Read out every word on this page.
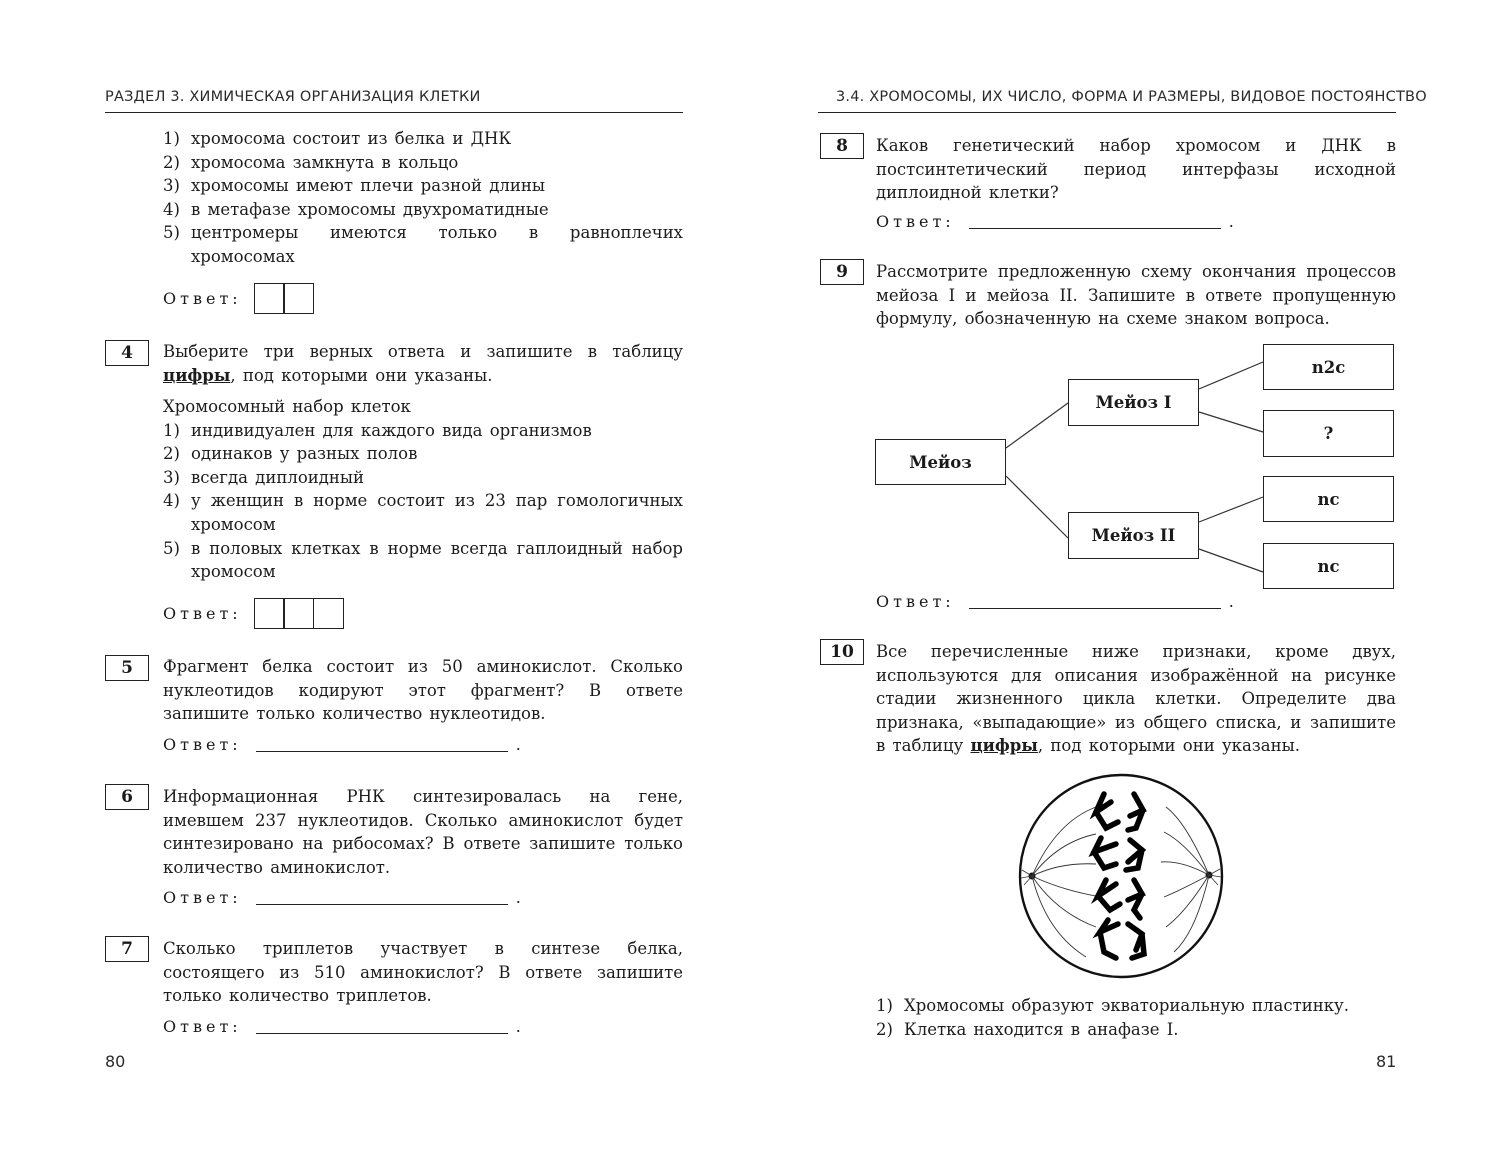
РАЗДЕЛ 3. ХИМИЧЕСКАЯ ОРГАНИЗАЦИЯ КЛЕТКИ
1) хромосома состоит из белка и ДНК
2) хромосома замкнута в кольцо
3) хромосомы имеют плечи разной длины
4) в метафазе хромосомы двухроматидные
5) центромеры имеются только в равноплечих хромосомах
Ответ:
4	Выберите три верных ответа и запишите в таблицу цифры, под которыми они указаны.
Хромосомный набор клеток
1) индивидуален для каждого вида организмов
2) одинаков у разных полов
3) всегда диплоидный
4) у женщин в норме состоит из 23 пар гомологичных хромосом
5) в половых клетках в норме всегда гаплоидный набор хромосом
Ответ:
5	Фрагмент белка состоит из 50 аминокислот. Сколько нуклеотидов кодируют этот фрагмент? В ответе запишите только количество нуклеотидов.
Ответ:	.
6	Информационная РНК синтезировалась на гене, имевшем 237 нуклеотидов. Сколько аминокислот будет синтезировано на рибосомах? В ответе запишите только количество аминокислот.
Ответ:	.
7	Сколько триплетов участвует в синтезе белка, состоящего из 510 аминокислот? В ответе запишите только количество триплетов.
Ответ:	.
80
3.4. ХРОМОСОМЫ, ИХ ЧИСЛО, ФОРМА И РАЗМЕРЫ, ВИДОВОЕ ПОСТОЯНСТВО
8	Каков генетический набор хромосом и ДНК в постсинтетический период интерфазы исходной диплоидной клетки?
Ответ:	.
9	Рассмотрите предложенную схему окончания процессов мейоза I и мейоза II. Запишите в ответе пропущенную формулу, обозначенную на схеме знаком вопроса.
Мейоз
Мейоз I
Мейоз II
n2c
?
nc
nc
Ответ:	.
10	Все перечисленные ниже признаки, кроме двух, используются для описания изображённой на рисунке стадии жизненного цикла клетки. Определите два признака, «выпадающие» из общего списка, и запишите в таблицу цифры, под которыми они указаны.
1) Хромосомы образуют экваториальную пластинку.
2) Клетка находится в анафазе I.
81
